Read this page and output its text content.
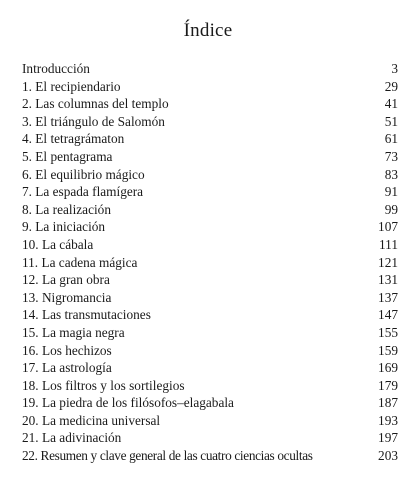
Índice
Introducción	3
1. El recipiendario	29
2. Las columnas del templo	41
3. El triángulo de Salomón	51
4. El tetragrámaton	61
5. El pentagrama	73
6. El equilibrio mágico	83
7. La espada flamígera	91
8. La realización	99
9. La iniciación	107
10. La cábala	111
11. La cadena mágica	121
12. La gran obra	131
13. Nigromancia	137
14. Las transmutaciones	147
15. La magia negra	155
16. Los hechizos	159
17. La astrología	169
18. Los filtros y los sortilegios	179
19. La piedra de los filósofos–elagabala	187
20. La medicina universal	193
21. La adivinación	197
22. Resumen y clave general de las cuatro ciencias ocultas	203
